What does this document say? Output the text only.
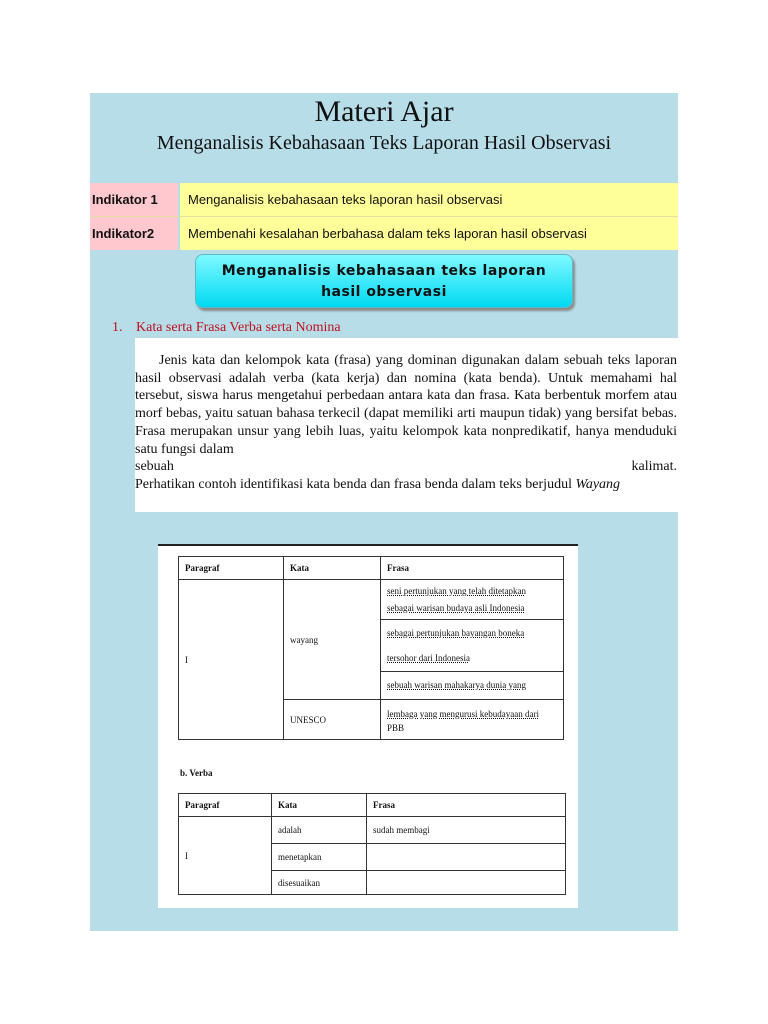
Materi Ajar
Menganalisis Kebahasaan Teks Laporan Hasil Observasi
Indikator 1	Menganalisis kebahasaan teks laporan hasil observasi
Indikator2	Membenahi kesalahan berbahasa dalam teks laporan hasil observasi
Menganalisis kebahasaan teks laporan
hasil observasi
1. Kata serta Frasa Verba serta Nomina

Jenis kata dan kelompok kata (frasa) yang dominan digunakan dalam sebuah teks laporan hasil observasi adalah verba (kata kerja) dan nomina (kata benda). Untuk memahami hal tersebut, siswa harus mengetahui perbedaan antara kata dan frasa. Kata berbentuk morfem atau morf bebas, yaitu satuan bahasa terkecil (dapat memiliki arti maupun tidak) yang bersifat bebas. Frasa merupakan unsur yang lebih luas, yaitu kelompok kata nonpredikatif, hanya menduduki satu fungsi dalam

sebuah	kalimat.

Perhatikan contoh identifikasi kata benda dan frasa benda dalam teks berjudul Wayang

Paragraf	Kata	Frasa
I	wayang	seni pertunjukan yang telah ditetapkan
sebagai warisan budaya asli Indonesia

		sebagai pertunjukan bayangan boneka
tersohor dari Indonesia

		sebuah warisan mahakarya dunia yang

	UNESCO	lembaga yang mengurusi kebudayaan dari
PBB
b. Verba
Paragraf	Kata	Frasa
I	adalah	sudah membagi
	menetapkan	
	disesuaikan	
